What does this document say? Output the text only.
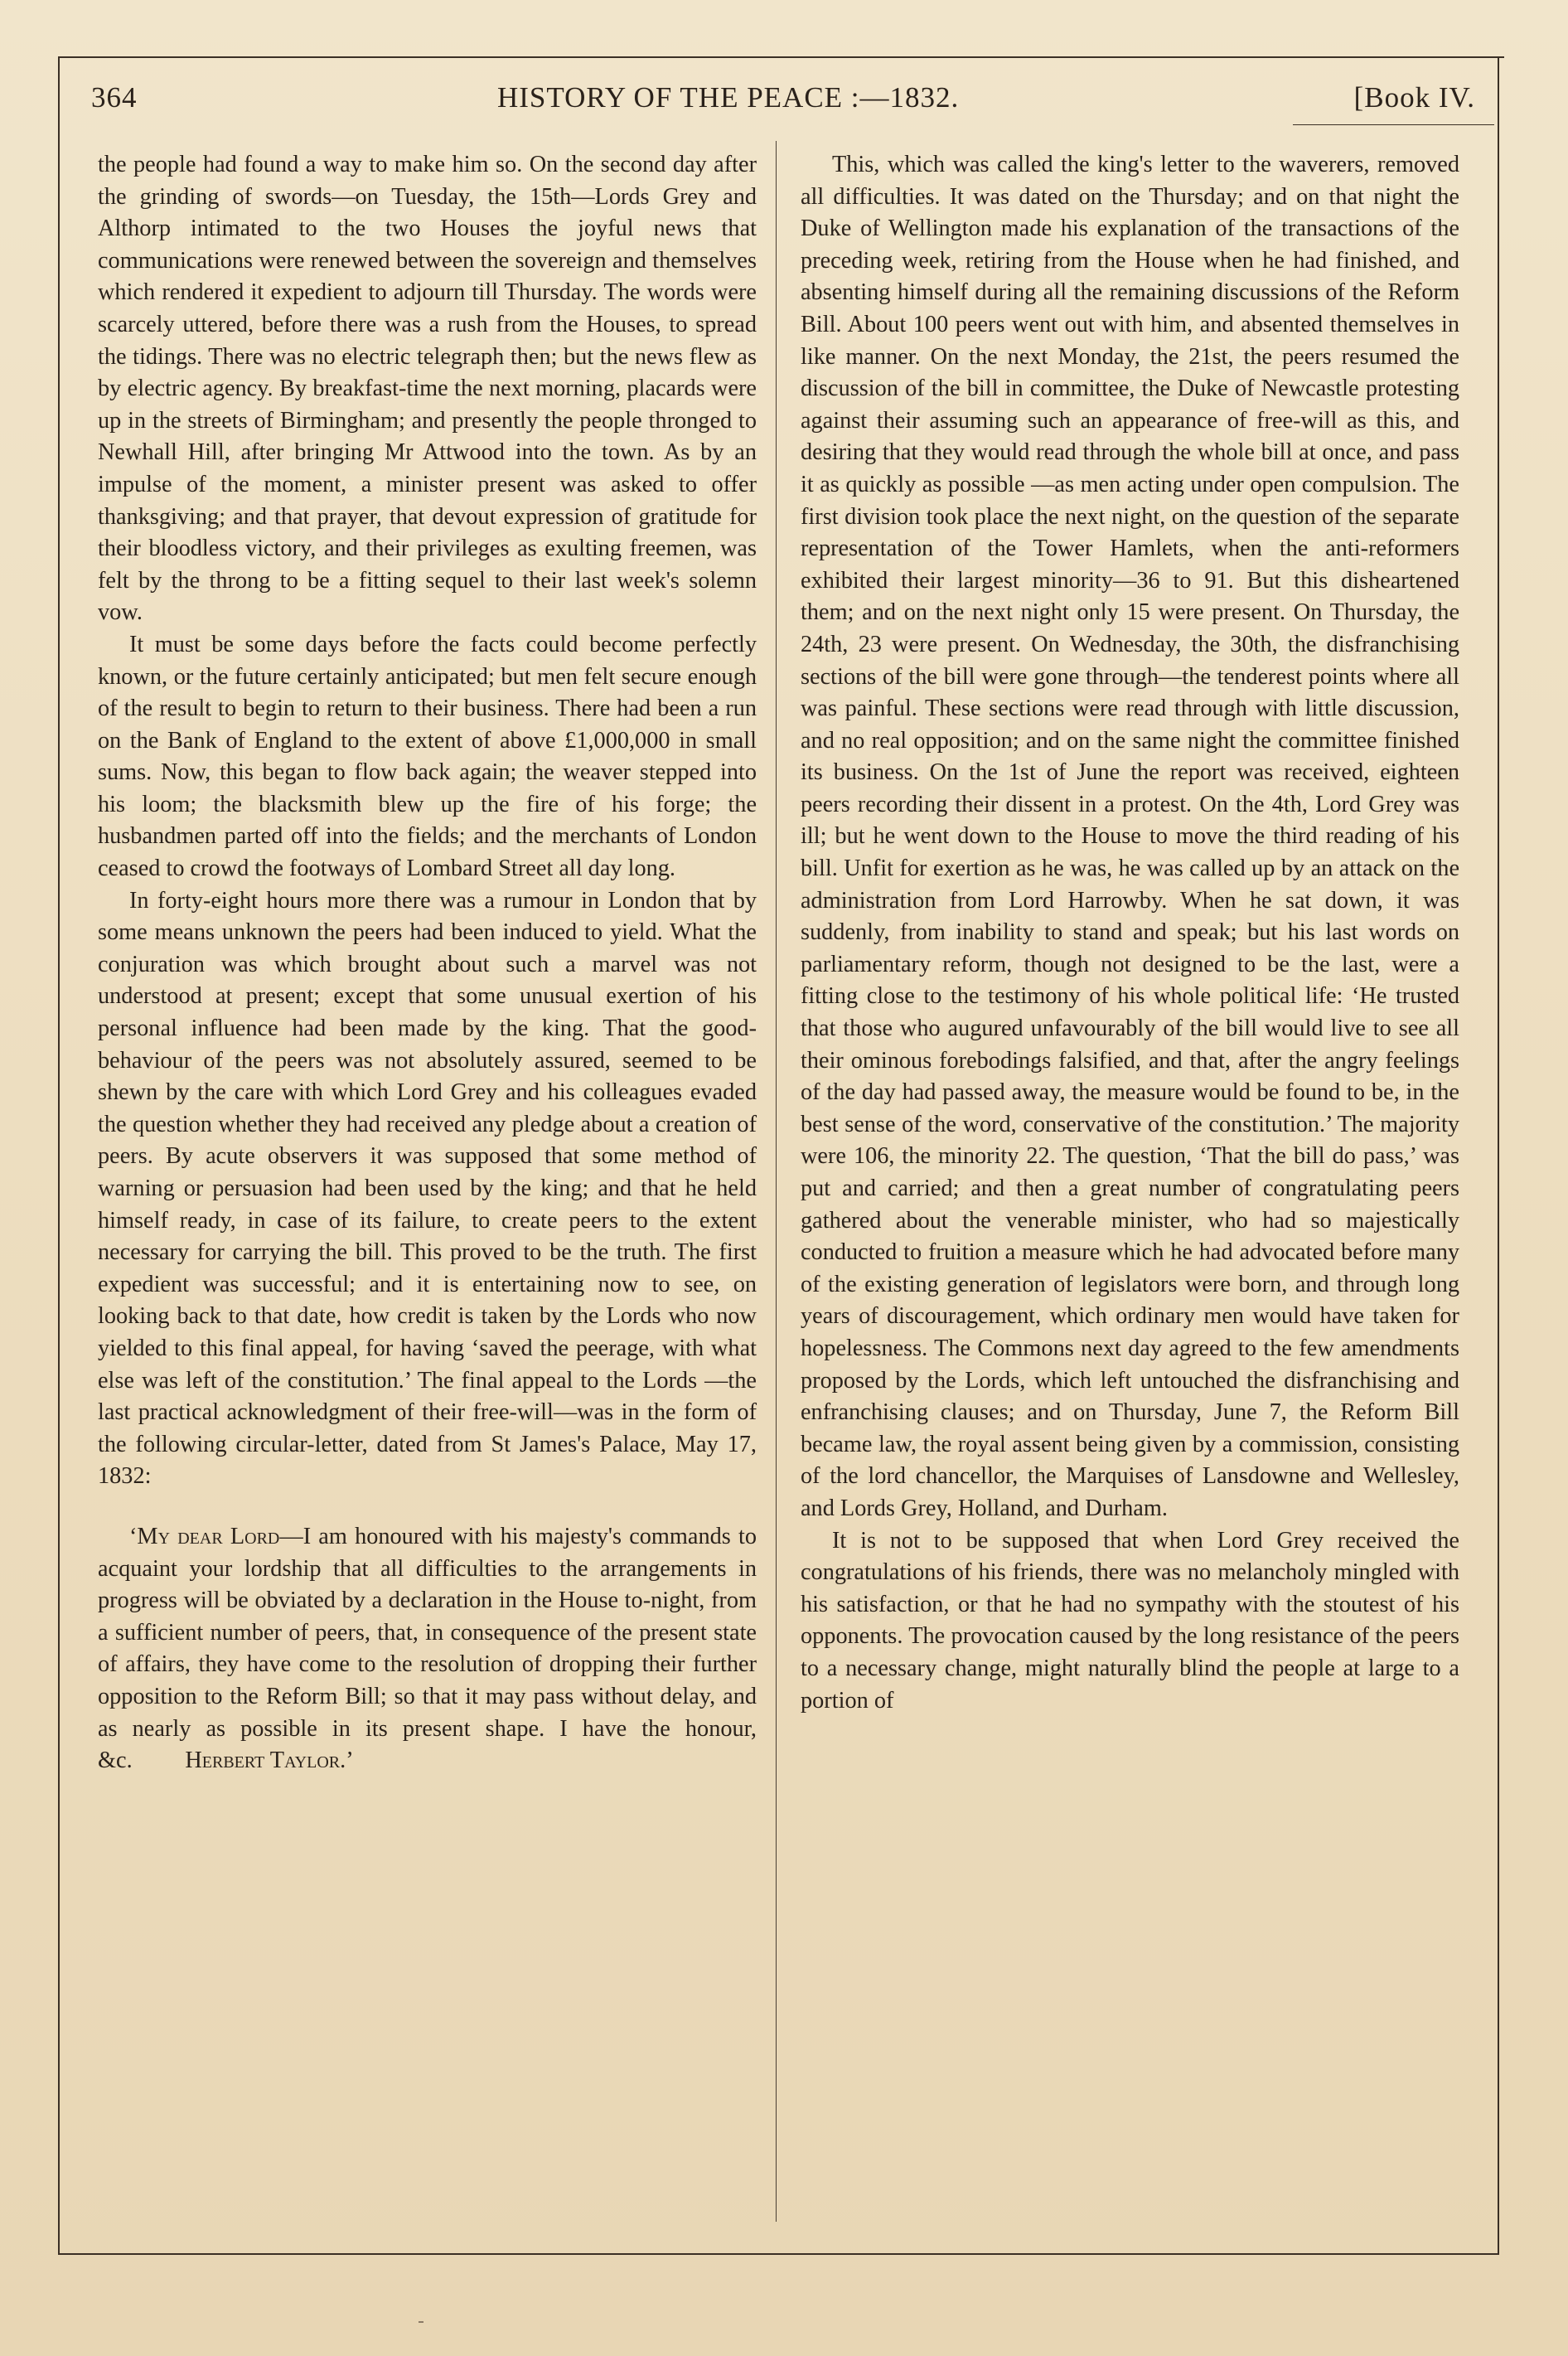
364	HISTORY OF THE PEACE :—1832.	[Book IV.

the people had found a way to make him so. On the second day after the grinding of swords—on Tuesday, the 15th—Lords Grey and Althorp intimated to the two Houses the joyful news that communications were renewed between the sovereign and themselves which rendered it expedient to adjourn till Thursday. The words were scarcely uttered, before there was a rush from the Houses, to spread the tidings. There was no electric telegraph then; but the news flew as by electric agency. By breakfast-time the next morning, placards were up in the streets of Birmingham; and presently the people thronged to Newhall Hill, after bringing Mr Attwood into the town. As by an impulse of the moment, a minister present was asked to offer thanksgiving; and that prayer, that devout expression of gratitude for their bloodless victory, and their privileges as exulting freemen, was felt by the throng to be a fitting sequel to their last week's solemn vow.

It must be some days before the facts could become perfectly known, or the future certainly anticipated; but men felt secure enough of the result to begin to return to their business. There had been a run on the Bank of England to the extent of above £1,000,000 in small sums. Now, this began to flow back again; the weaver stepped into his loom; the blacksmith blew up the fire of his forge; the husbandmen parted off into the fields; and the merchants of London ceased to crowd the footways of Lombard Street all day long.

In forty-eight hours more there was a rumour in London that by some means unknown the peers had been induced to yield. What the conjuration was which brought about such a marvel was not understood at present; except that some unusual exertion of his personal influence had been made by the king. That the good-behaviour of the peers was not absolutely assured, seemed to be shewn by the care with which Lord Grey and his colleagues evaded the question whether they had received any pledge about a creation of peers. By acute observers it was supposed that some method of warning or persuasion had been used by the king; and that he held himself ready, in case of its failure, to create peers to the extent necessary for carrying the bill. This proved to be the truth. The first expedient was successful; and it is entertaining now to see, on looking back to that date, how credit is taken by the Lords who now yielded to this final appeal, for having ‘saved the peerage, with what else was left of the constitution.’ The final appeal to the Lords —the last practical acknowledgment of their free-will—was in the form of the following circular-letter, dated from St James's Palace, May 17, 1832:

‘My dear Lord—I am honoured with his majesty's commands to acquaint your lordship that all difficulties to the arrangements in progress will be obviated by a declaration in the House to-night, from a sufficient number of peers, that, in consequence of the present state of affairs, they have come to the resolution of dropping their further opposition to the Reform Bill; so that it may pass without delay, and as nearly as possible in its present shape. I have the honour, &c. Herbert Taylor.’

This, which was called the king's letter to the waverers, removed all difficulties. It was dated on the Thursday; and on that night the Duke of Wellington made his explanation of the transactions of the preceding week, retiring from the House when he had finished, and absenting himself during all the remaining discussions of the Reform Bill. About 100 peers went out with him, and absented themselves in like manner. On the next Monday, the 21st, the peers resumed the discussion of the bill in committee, the Duke of Newcastle protesting against their assuming such an appearance of free-will as this, and desiring that they would read through the whole bill at once, and pass it as quickly as possible —as men acting under open compulsion. The first division took place the next night, on the question of the separate representation of the Tower Hamlets, when the anti-reformers exhibited their largest minority—36 to 91. But this disheartened them; and on the next night only 15 were present. On Thursday, the 24th, 23 were present. On Wednesday, the 30th, the disfranchising sections of the bill were gone through—the tenderest points where all was painful. These sections were read through with little discussion, and no real opposition; and on the same night the committee finished its business. On the 1st of June the report was received, eighteen peers recording their dissent in a protest. On the 4th, Lord Grey was ill; but he went down to the House to move the third reading of his bill. Unfit for exertion as he was, he was called up by an attack on the administration from Lord Harrowby. When he sat down, it was suddenly, from inability to stand and speak; but his last words on parliamentary reform, though not designed to be the last, were a fitting close to the testimony of his whole political life: ‘He trusted that those who augured unfavourably of the bill would live to see all their ominous forebodings falsified, and that, after the angry feelings of the day had passed away, the measure would be found to be, in the best sense of the word, conservative of the constitution.’ The majority were 106, the minority 22. The question, ‘That the bill do pass,’ was put and carried; and then a great number of congratulating peers gathered about the venerable minister, who had so majestically conducted to fruition a measure which he had advocated before many of the existing generation of legislators were born, and through long years of discouragement, which ordinary men would have taken for hopelessness. The Commons next day agreed to the few amendments proposed by the Lords, which left untouched the disfranchising and enfranchising clauses; and on Thursday, June 7, the Reform Bill became law, the royal assent being given by a commission, consisting of the lord chancellor, the Marquises of Lansdowne and Wellesley, and Lords Grey, Holland, and Durham.

It is not to be supposed that when Lord Grey received the congratulations of his friends, there was no melancholy mingled with his satisfaction, or that he had no sympathy with the stoutest of his opponents. The provocation caused by the long resistance of the peers to a necessary change, might naturally blind the people at large to a portion of
